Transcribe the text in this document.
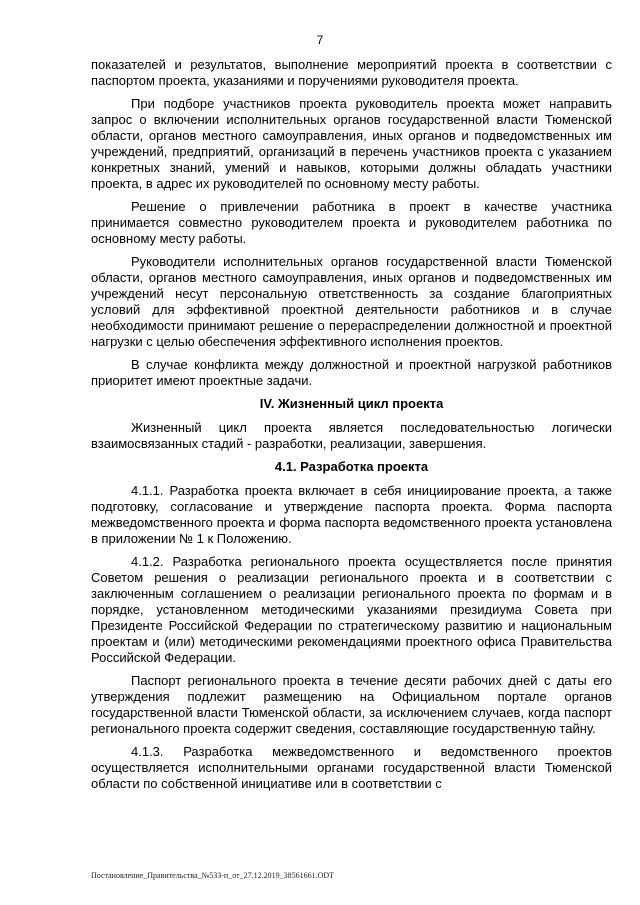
7

показателей и результатов, выполнение мероприятий проекта в соответствии с паспортом проекта, указаниями и поручениями руководителя проекта.

При подборе участников проекта руководитель проекта может направить запрос о включении исполнительных органов государственной власти Тюменской области, органов местного самоуправления, иных органов и подведомственных им учреждений, предприятий, организаций в перечень участников проекта с указанием конкретных знаний, умений и навыков, которыми должны обладать участники проекта, в адрес их руководителей по основному месту работы.

Решение о привлечении работника в проект в качестве участника принимается совместно руководителем проекта и руководителем работника по основному месту работы.

Руководители исполнительных органов государственной власти Тюменской области, органов местного самоуправления, иных органов и подведомственных им учреждений несут персональную ответственность за создание благоприятных условий для эффективной проектной деятельности работников и в случае необходимости принимают решение о перераспределении должностной и проектной нагрузки с целью обеспечения эффективного исполнения проектов.

В случае конфликта между должностной и проектной нагрузкой работников приоритет имеют проектные задачи.

IV. Жизненный цикл проекта

Жизненный цикл проекта является последовательностью логически взаимосвязанных стадий - разработки, реализации, завершения.

4.1. Разработка проекта

4.1.1. Разработка проекта включает в себя инициирование проекта, а также подготовку, согласование и утверждение паспорта проекта. Форма паспорта межведомственного проекта и форма паспорта ведомственного проекта установлена в приложении № 1 к Положению.

4.1.2. Разработка регионального проекта осуществляется после принятия Советом решения о реализации регионального проекта и в соответствии с заключенным соглашением о реализации регионального проекта по формам и в порядке, установленном методическими указаниями президиума Совета при Президенте Российской Федерации по стратегическому развитию и национальным проектам и (или) методическими рекомендациями проектного офиса Правительства Российской Федерации.

Паспорт регионального проекта в течение десяти рабочих дней с даты его утверждения подлежит размещению на Официальном портале органов государственной власти Тюменской области, за исключением случаев, когда паспорт регионального проекта содержит сведения, составляющие государственную тайну.

4.1.3. Разработка межведомственного и ведомственного проектов осуществляется исполнительными органами государственной власти Тюменской области по собственной инициативе или в соответствии с

Постановление_Правительства_№533-п_от_27.12.2019_38561661.ODT
